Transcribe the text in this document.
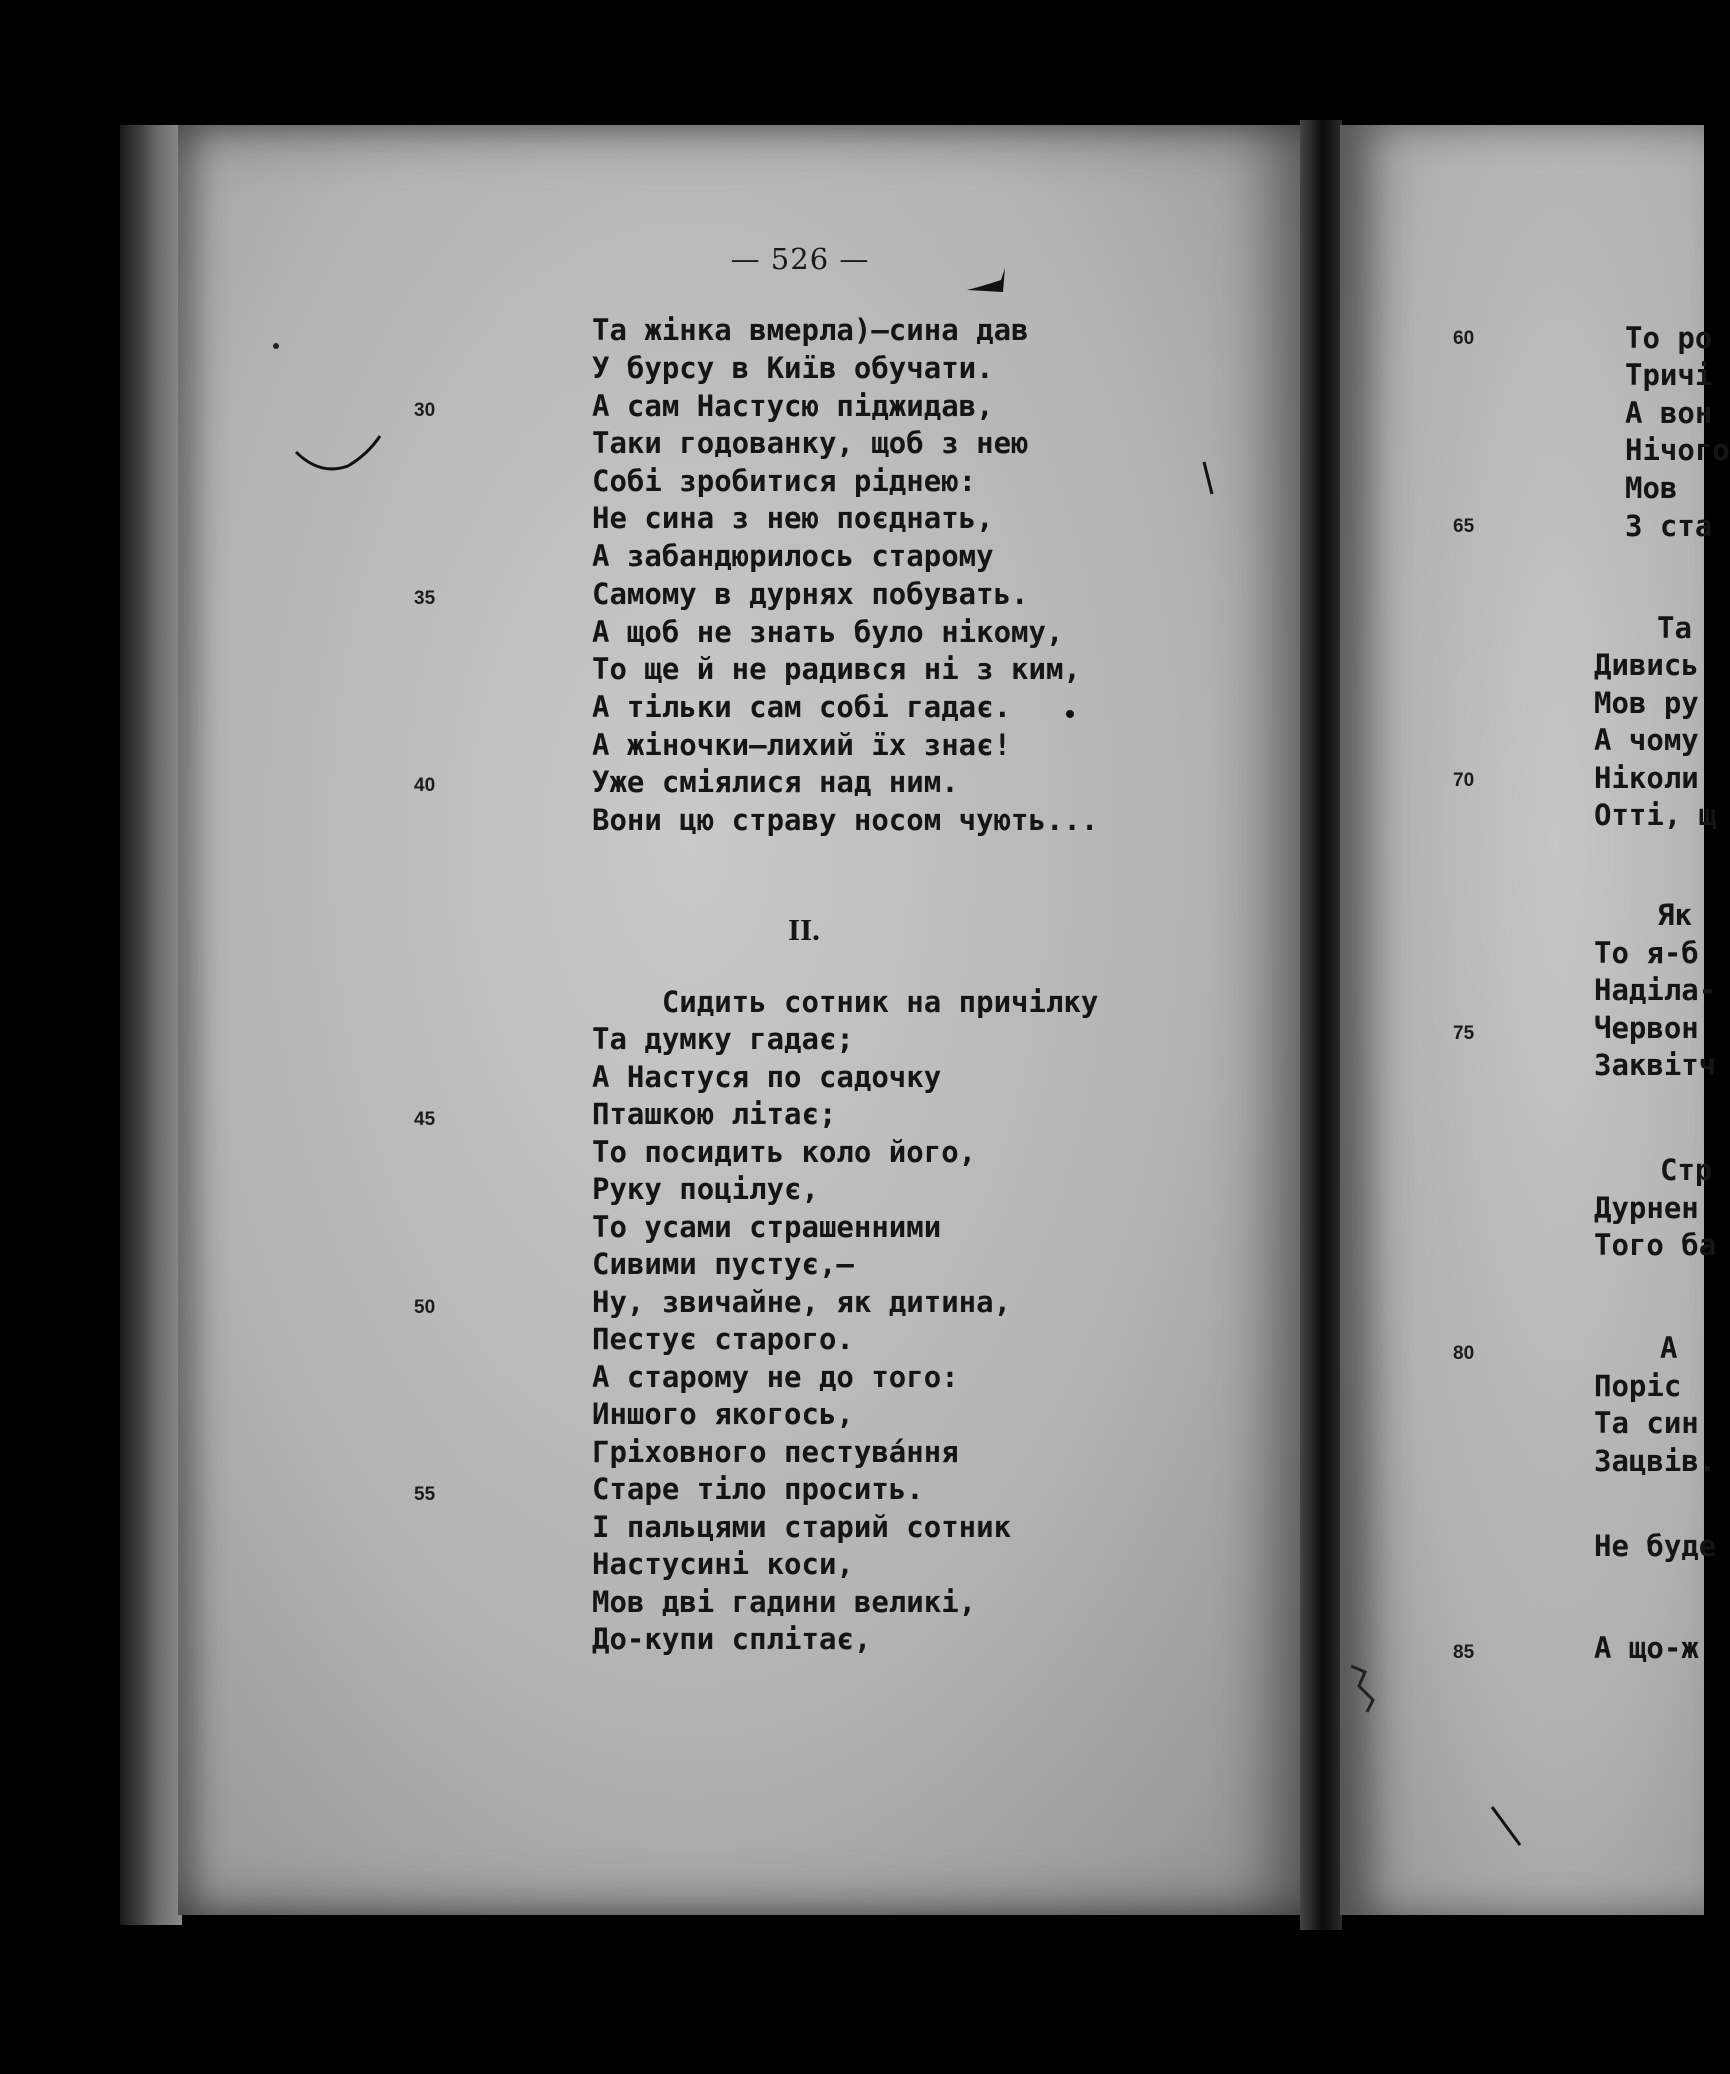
— 526 —

Та жінка вмерла)—сина дав

У бурсу в Київ обучати.

А сам Настусю піджидав,

Таки годованку, щоб з нею

Собі зробитися ріднею:

Не сина з нею поєднать,

А забандюрилось старому

Самому в дурнях побувать.

А щоб не знать було нікому,

То ще й не радився ні з ким,

А тільки сам собі гадає.

А жіночки—лихий їх знає!

Уже сміялися над ним.

Вони цю страву носом чують...

Сидить сотник на причілку

Та думку гадає;

А Настуся по садочку

Пташкою літає;

То посидить коло його,

Руку поцілує,

То усами страшенними

Сивими пустує,—

Ну, звичайне, як дитина,

Пестує старого.

А старому не до того:

Иншого якогось,

Гріховного пестува́ння

Старе тіло просить.

І пальцями старий сотник

Настусині коси,

Мов дві гадини великі,

До-купи сплітає,

II.
30
35
40
45
50
55

То ро

Тричі

А вон

Нічого

Мов

З ста

Та

Дивись

Мов ру

А чому

Ніколи

Отті, щ

Як

То я-б

Наділа-

Червон

Заквітч

Стр

Дурнен

Того ба

А

Поріс

Та син

Зацвів.

Не буде

А що-ж

60
65
70
75
80
85
